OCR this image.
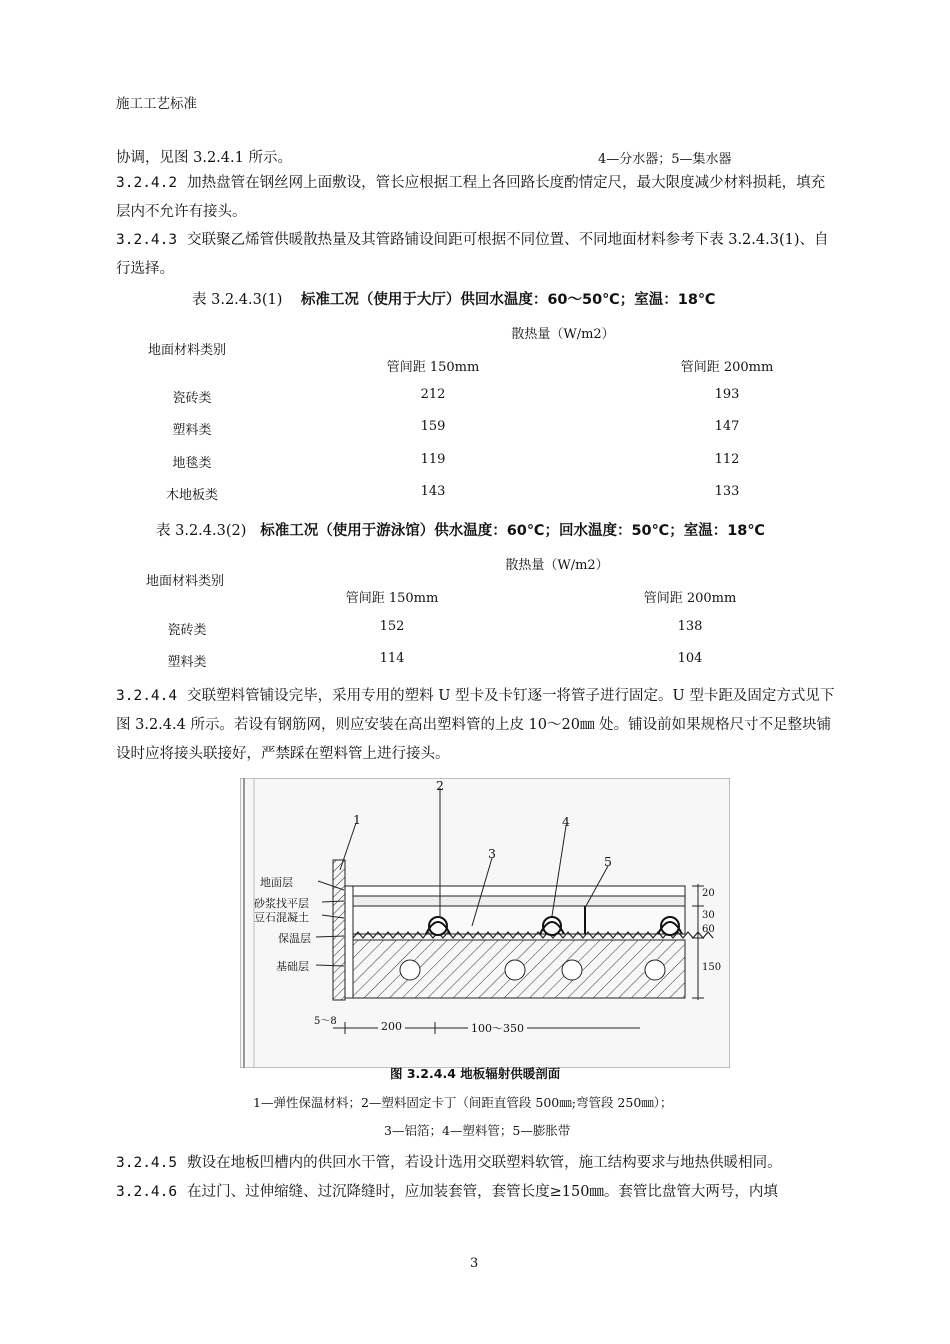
施工工艺标准
协调，见图 3.2.4.1 所示。	4—分水器；5—集水器
3.2.4.2 加热盘管在钢丝网上面敷设，管长应根据工程上各回路长度酌情定尺，最大限度减少材料损耗，填充层内不允许有接头。
3.2.4.3 交联聚乙烯管供暖散热量及其管路铺设间距可根据不同位置、不同地面材料参考下表 3.2.4.3(1)、自行选择。
表 3.2.4.3(1) 标准工况（使用于大厅）供回水温度：60～50℃；室温：18℃
散热量（W/m2）
地面材料类别
管间距 150mm	管间距 200mm
瓷砖类	212	193
塑料类	159	147
地毯类	119	112
木地板类	143	133
表 3.2.4.3(2) 标准工况（使用于游泳馆）供水温度：60℃；回水温度：50℃；室温：18℃
散热量（W/m2）
地面材料类别
管间距 150mm	管间距 200mm
瓷砖类	152	138
塑料类	114	104
3.2.4.4 交联塑料管铺设完毕，采用专用的塑料 U 型卡及卡钉逐一将管子进行固定。U 型卡距及固定方式见下图 3.2.4.4 所示。若设有钢筋网，则应安装在高出塑料管的上皮 10～20㎜ 处。铺设前如果规格尺寸不足整块铺设时应将接头联接好，严禁踩在塑料管上进行接头。
1
2
3
4
5
地面层
砂浆找平层
豆石混凝土
保温层
基础层
20
30
60
150
5～8	200	100～350
图 3.2.4.4 地板辐射供暖剖面
1—弹性保温材料；2—塑料固定卡丁（间距直管段 500㎜;弯管段 250㎜）；
3—铝箔；4—塑料管；5—膨胀带
3.2.4.5 敷设在地板凹槽内的供回水干管，若设计选用交联塑料软管，施工结构要求与地热供暖相同。
3.2.4.6 在过门、过伸缩缝、过沉降缝时，应加装套管，套管长度≥150㎜。套管比盘管大两号，内填
3
